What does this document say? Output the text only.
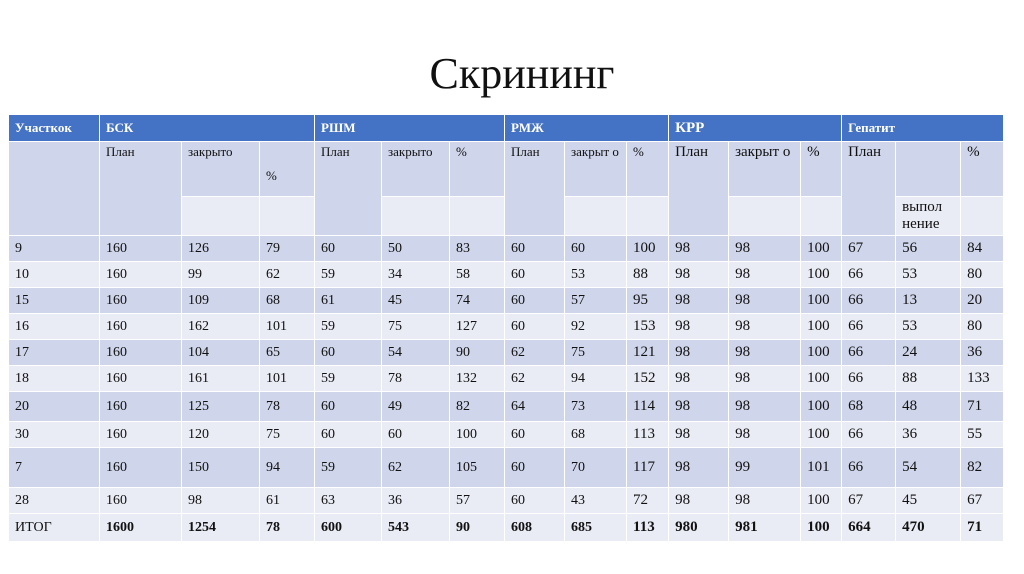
Скрининг
Участкок	БСК			РШМ			РМЖ			КРР			Гепатит		
	План	закрыто	%	План	закрыто	%	План	закрыт о	%	План	закрыт о	%	План		%
														выпол нение	
9	160	126	79	60	50	83	60	60	100	98	98	100	67	56	84
10	160	99	62	59	34	58	60	53	88	98	98	100	66	53	80
15	160	109	68	61	45	74	60	57	95	98	98	100	66	13	20
16	160	162	101	59	75	127	60	92	153	98	98	100	66	53	80
17	160	104	65	60	54	90	62	75	121	98	98	100	66	24	36
18	160	161	101	59	78	132	62	94	152	98	98	100	66	88	133
20	160	125	78	60	49	82	64	73	114	98	98	100	68	48	71
30	160	120	75	60	60	100	60	68	113	98	98	100	66	36	55
7	160	150	94	59	62	105	60	70	117	98	99	101	66	54	82
28	160	98	61	63	36	57	60	43	72	98	98	100	67	45	67
ИТОГ	1600	1254	78	600	543	90	608	685	113	980	981	100	664	470	71
